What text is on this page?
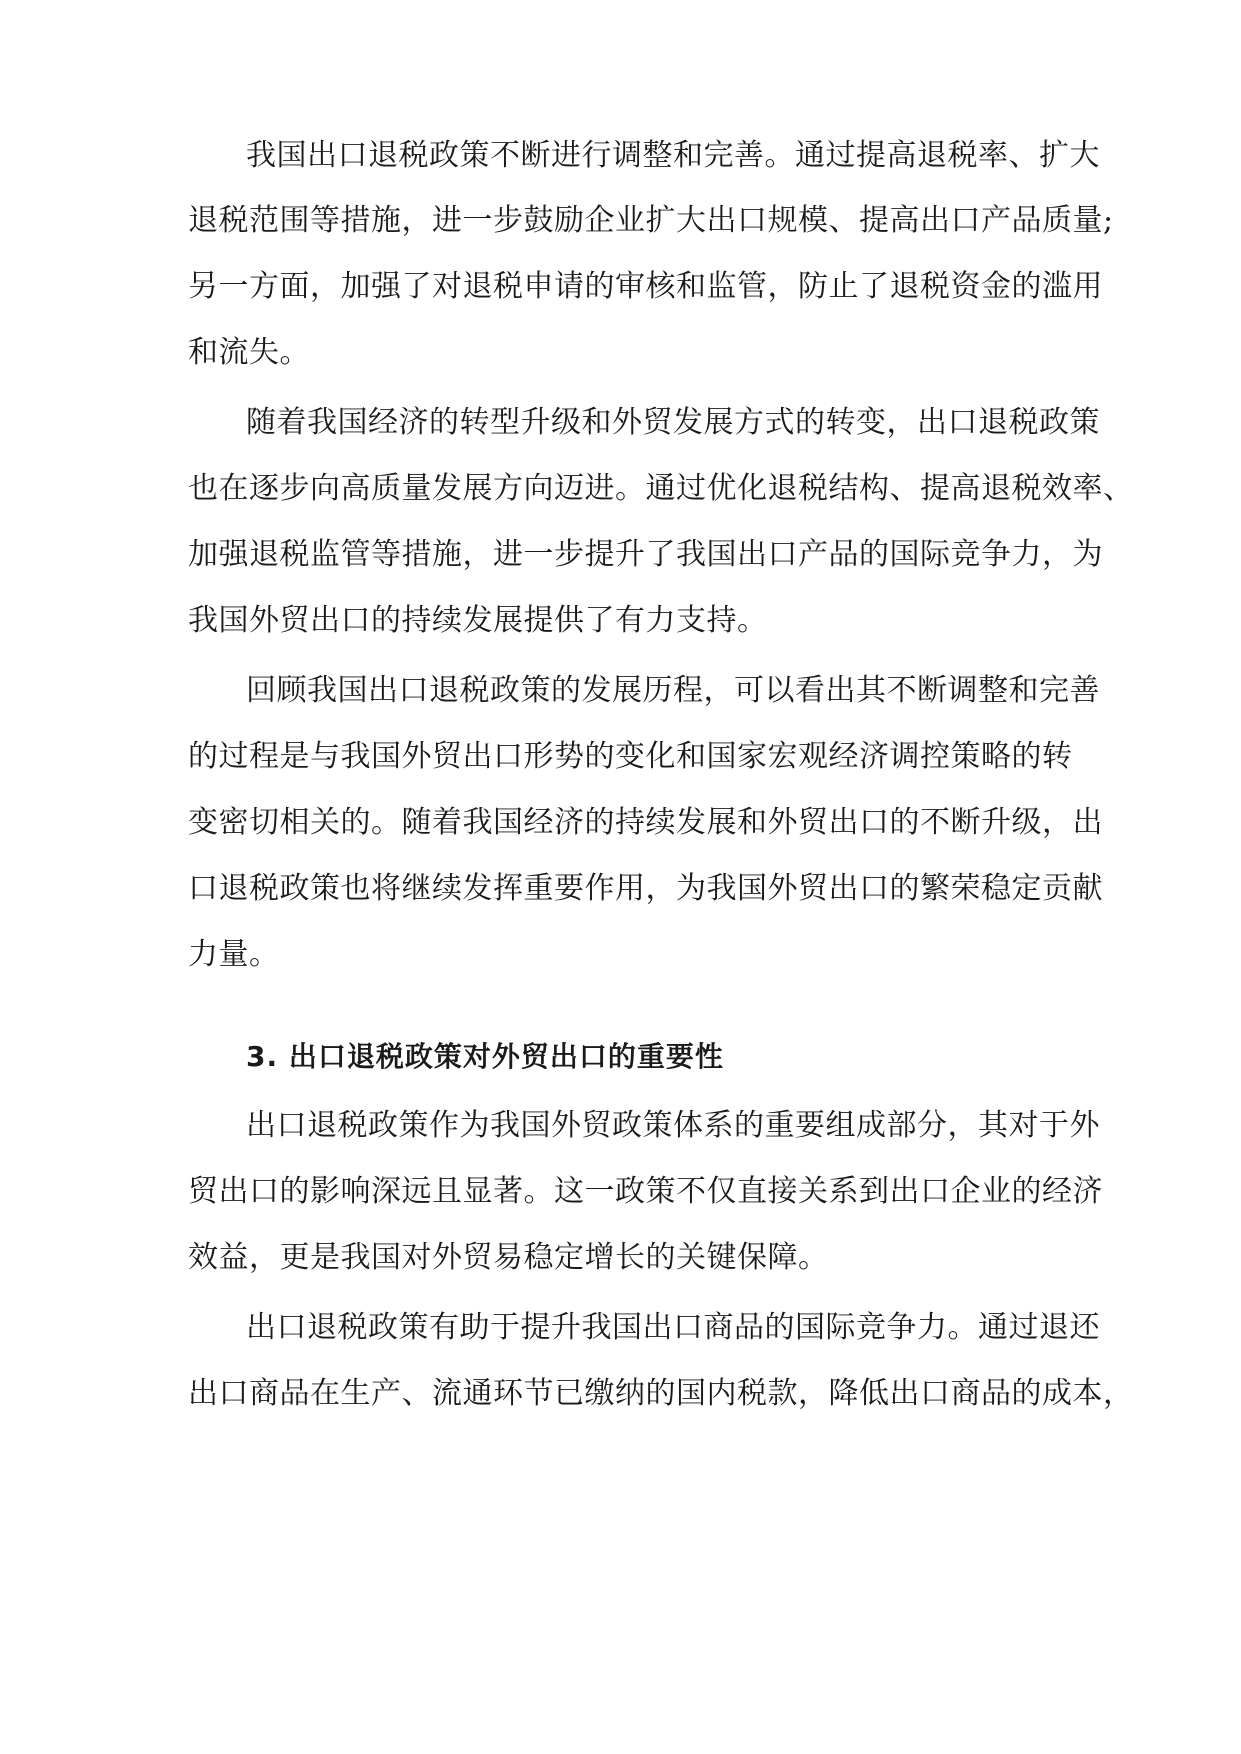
我国出口退税政策不断进行调整和完善。通过提高退税率、扩大
退税范围等措施，进一步鼓励企业扩大出口规模、提高出口产品质量;
另一方面，加强了对退税申请的审核和监管，防止了退税资金的滥用
和流失。
随着我国经济的转型升级和外贸发展方式的转变，出口退税政策
也在逐步向高质量发展方向迈进。通过优化退税结构、提高退税效率、
加强退税监管等措施，进一步提升了我国出口产品的国际竞争力，为
我国外贸出口的持续发展提供了有力支持。
回顾我国出口退税政策的发展历程，可以看出其不断调整和完善
的过程是与我国外贸出口形势的变化和国家宏观经济调控策略的转
变密切相关的。随着我国经济的持续发展和外贸出口的不断升级，出
口退税政策也将继续发挥重要作用，为我国外贸出口的繁荣稳定贡献
力量。
3. 出口退税政策对外贸出口的重要性
出口退税政策作为我国外贸政策体系的重要组成部分，其对于外
贸出口的影响深远且显著。这一政策不仅直接关系到出口企业的经济
效益，更是我国对外贸易稳定增长的关键保障。
出口退税政策有助于提升我国出口商品的国际竞争力。通过退还
出口商品在生产、流通环节已缴纳的国内税款，降低出口商品的成本，
